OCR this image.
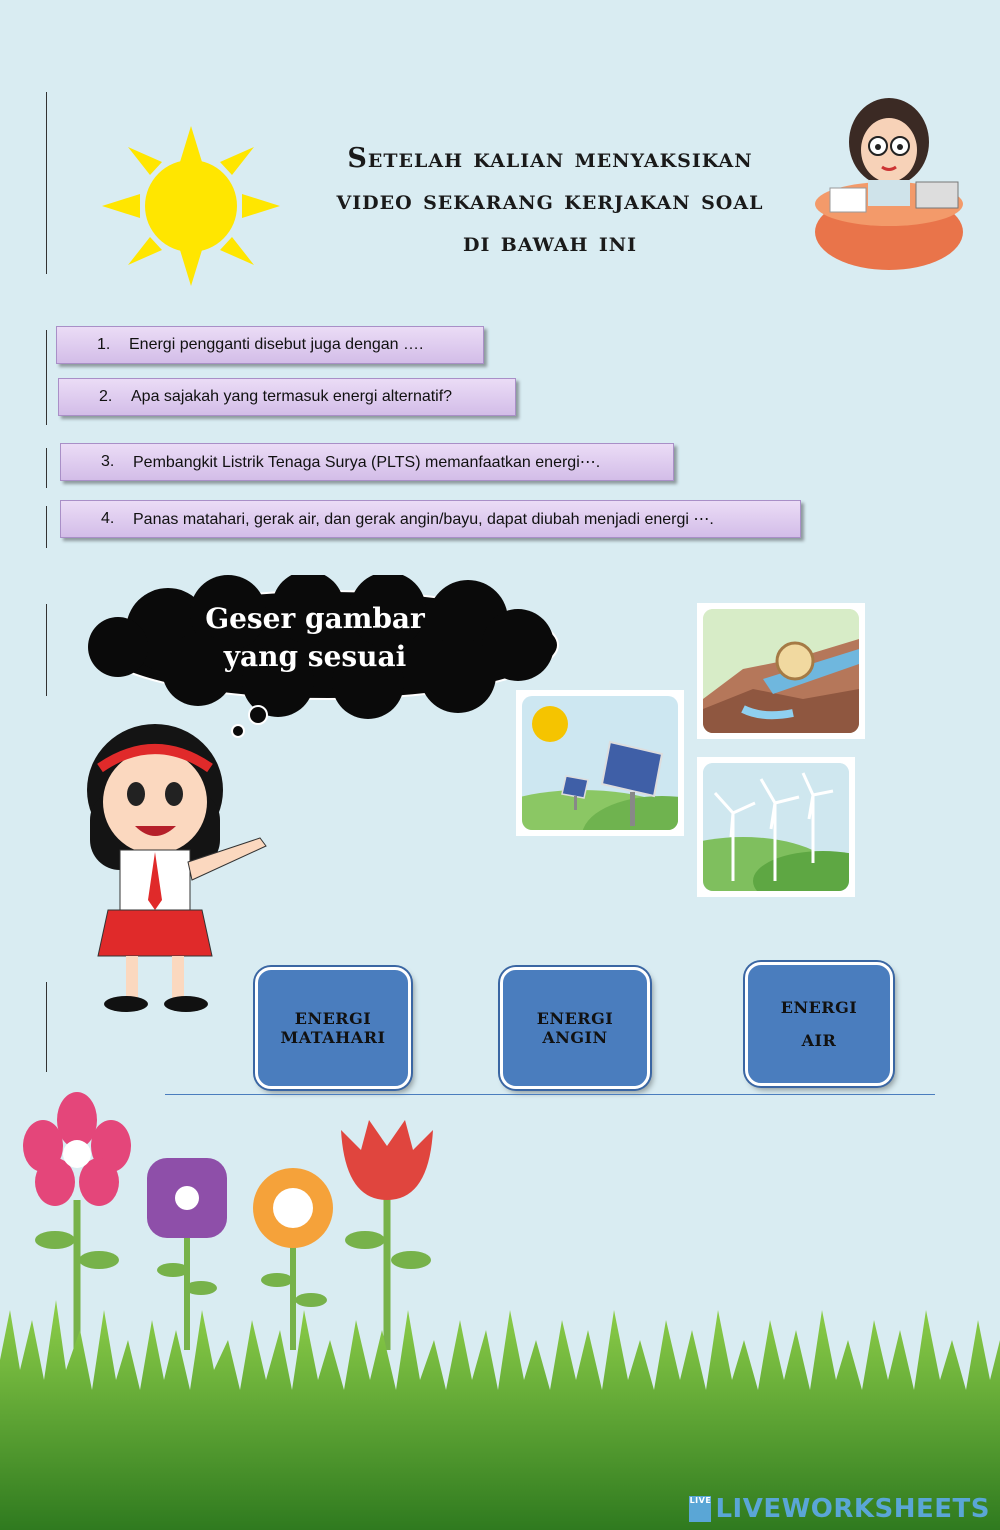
Setelah kalian menyaksikan
video sekarang kerjakan soal
di bawah ini
1.	Energi pengganti disebut juga dengan ….
2.	Apa sajakah yang termasuk energi alternatif?
3.	Pembangkit Listrik Tenaga Surya (PLTS) memanfaatkan energi⋯.
4.	Panas matahari, gerak air, dan gerak angin/bayu, dapat diubah menjadi energi ⋯.
Geser gambar
yang sesuai
ENERGI
MATAHARI
ENERGI
ANGIN
ENERGI
AIR
LIVE LIVEWORKSHEETS
